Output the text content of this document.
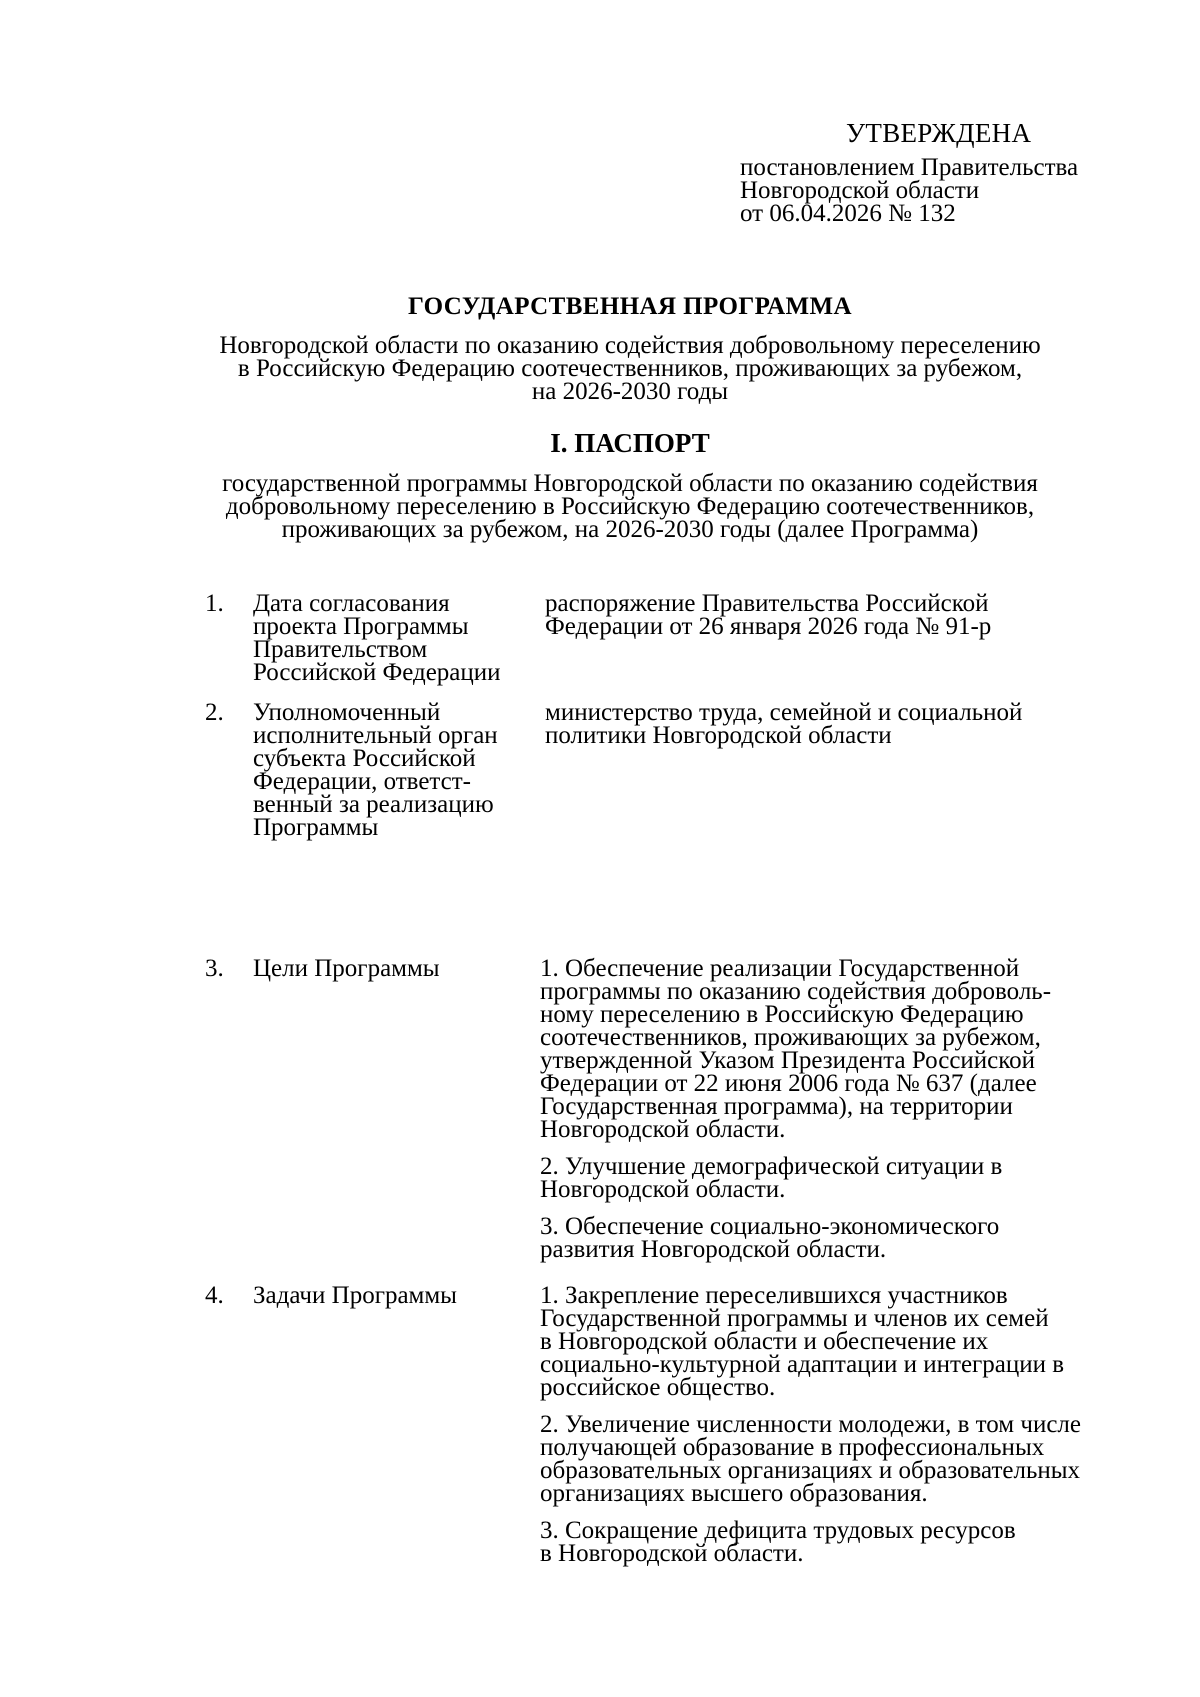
УТВЕРЖДЕНА
постановлением Правительства
Новгородской области
от 06.04.2026 № 132
ГОСУДАРСТВЕННАЯ ПРОГРАММА
Новгородской области по оказанию содействия добровольному переселению
в Российскую Федерацию соотечественников, проживающих за рубежом,
на 2026-2030 годы
I. ПАСПОРТ
государственной программы Новгородской области по оказанию содействия
добровольному переселению в Российскую Федерацию соотечественников,
проживающих за рубежом, на 2026-2030 годы (далее Программа)
1. Дата согласования
проекта Программы
Правительством
Российской Федерации
распоряжение Правительства Российской
Федерации от 26 января 2026 года № 91-р
2. Уполномоченный
исполнительный орган
субъекта Российской
Федерации, ответст-
венный за реализацию
Программы
министерство труда, семейной и социальной
политики Новгородской области
3. Цели Программы	1. Обеспечение реализации Государственной
программы по оказанию содействия доброволь-
ному переселению в Российскую Федерацию
соотечественников, проживающих за рубежом,
утвержденной Указом Президента Российской
Федерации от 22 июня 2006 года № 637 (далее
Государственная программа), на территории
Новгородской области.
2. Улучшение демографической ситуации в
Новгородской области.
3. Обеспечение социально-экономического
развития Новгородской области.
4. Задачи Программы	1. Закрепление переселившихся участников
Государственной программы и членов их семей
в Новгородской области и обеспечение их
социально-культурной адаптации и интеграции в
российское общество.
2. Увеличение численности молодежи, в том числе
получающей образование в профессиональных
образовательных организациях и образовательных
организациях высшего образования.
3. Сокращение дефицита трудовых ресурсов
в Новгородской области.
